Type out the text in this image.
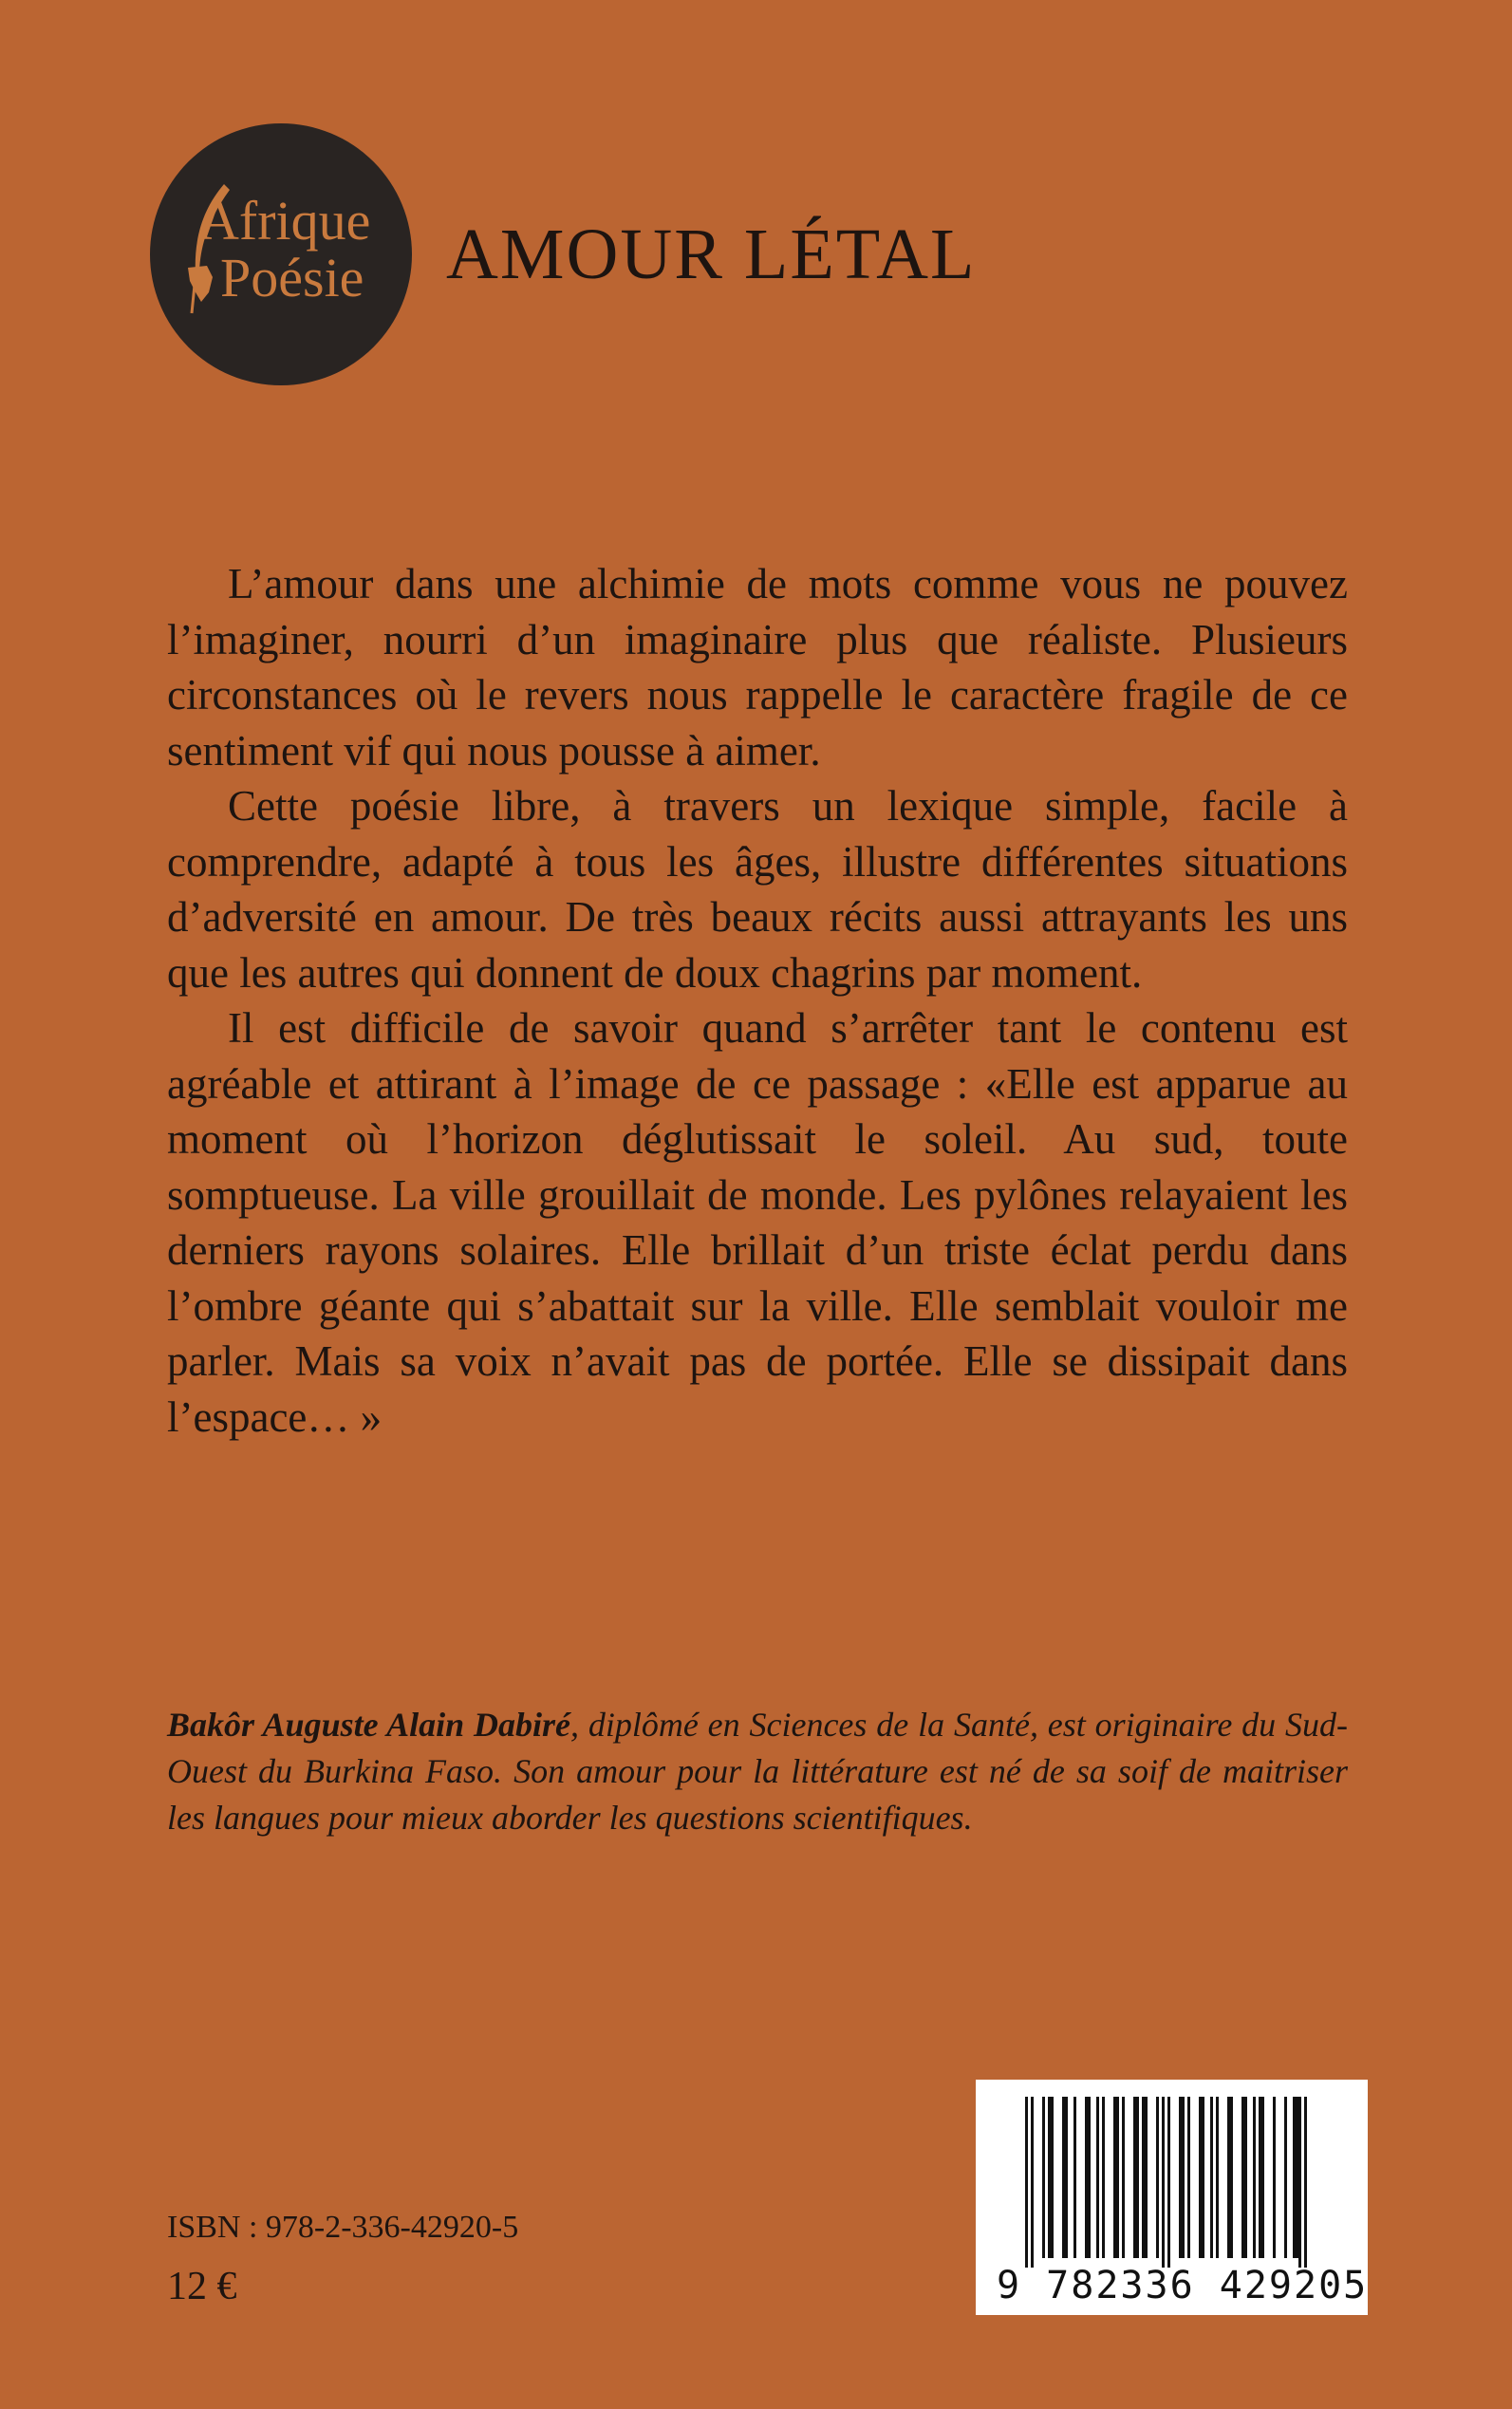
Afrique
Poésie AMOUR LÉTAL

L’amour dans une alchimie de mots comme vous ne pouvez l’imaginer, nourri d’un imaginaire plus que réaliste. Plusieurs circonstances où le revers nous rappelle le caractère fragile de ce sentiment vif qui nous pousse à aimer.

Cette poésie libre, à travers un lexique simple, facile à comprendre, adapté à tous les âges, illustre différentes situations d’adversité en amour. De très beaux récits aussi attrayants les uns que les autres qui donnent de doux chagrins par moment.

Il est difficile de savoir quand s’arrêter tant le contenu est agréable et attirant à l’image de ce passage : «Elle est apparue au moment où l’horizon déglutissait le soleil. Au sud, toute somptueuse. La ville grouillait de monde. Les pylônes relayaient les derniers rayons solaires. Elle brillait d’un triste éclat perdu dans l’ombre géante qui s’abattait sur la ville. Elle semblait vouloir me parler. Mais sa voix n’avait pas de portée. Elle se dissipait dans l’espace… »

Bakôr Auguste Alain Dabiré, diplômé en Sciences de la Santé, est originaire du Sud-Ouest du Burkina Faso. Son amour pour la littérature est né de sa soif de maitriser les langues pour mieux aborder les questions scientifiques.
ISBN : 978-2-336-42920-5
12 €	9 782336 429205
